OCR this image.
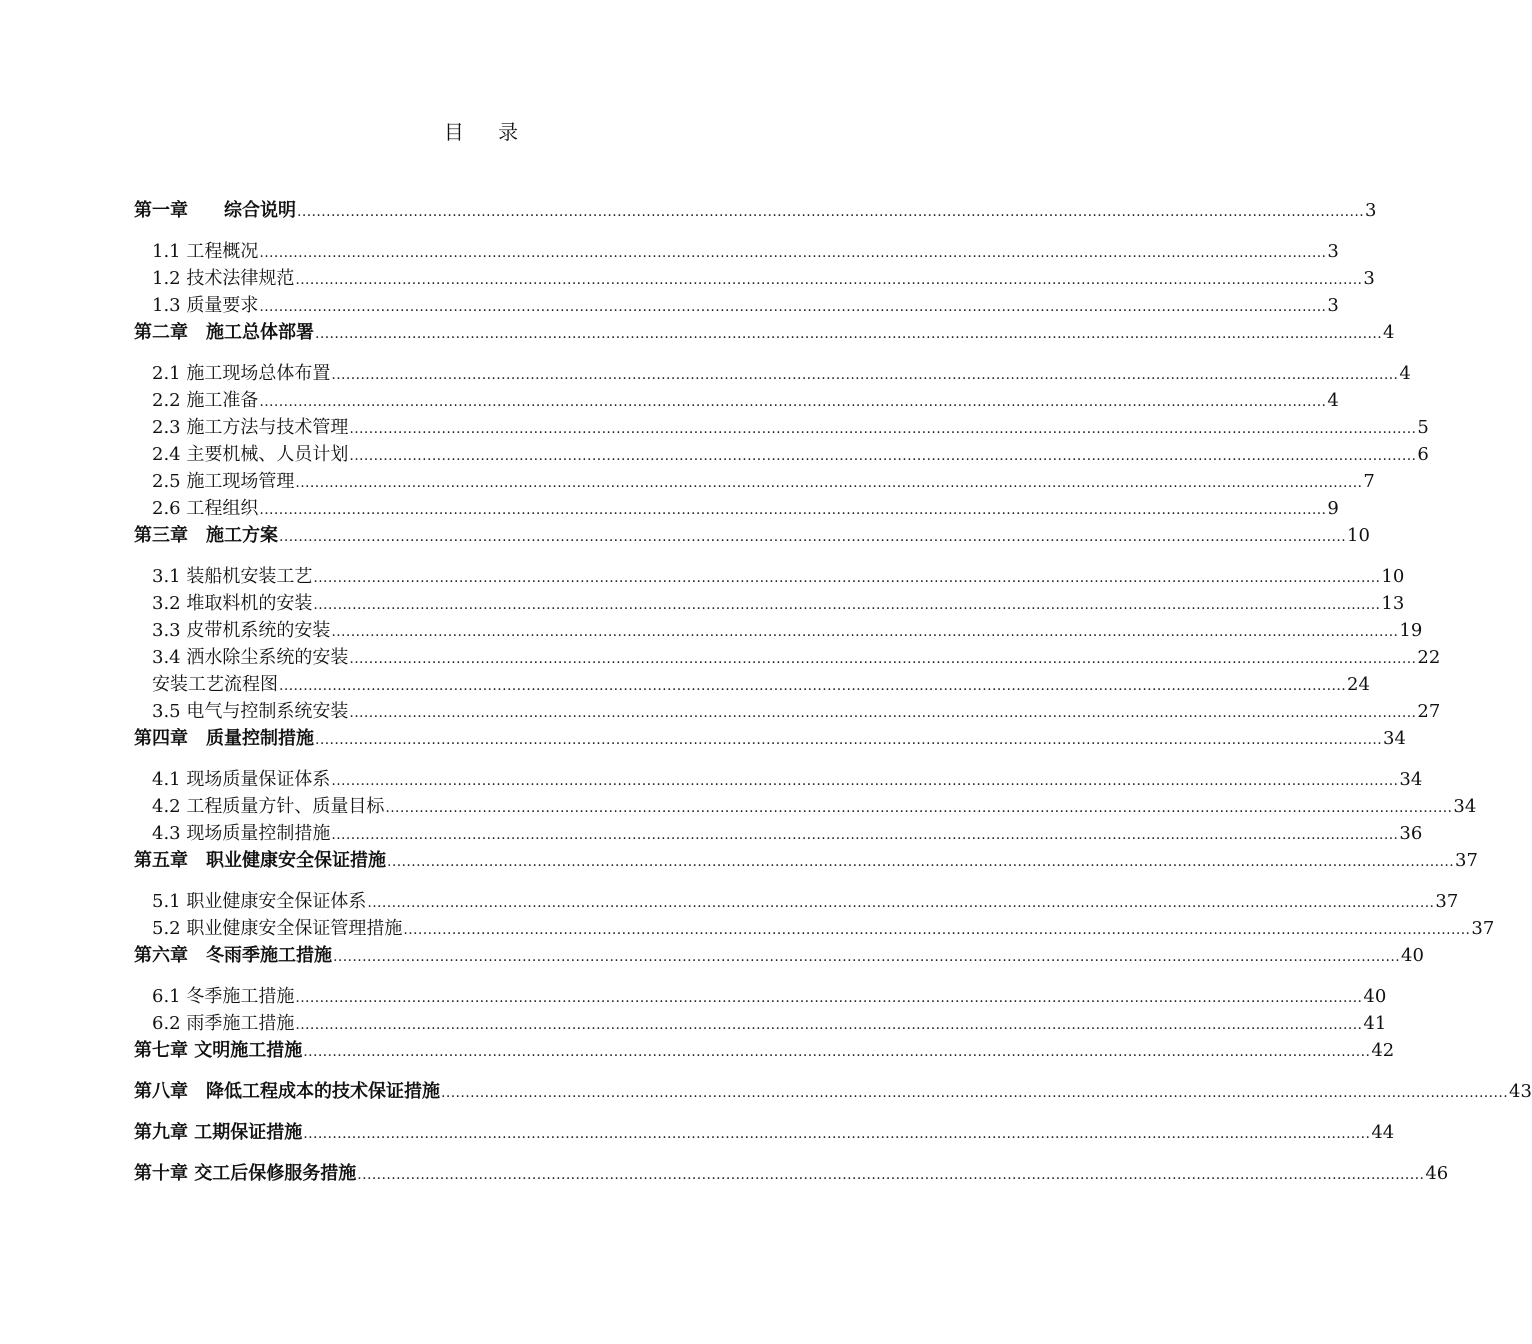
目 录
第一章　　综合说明 ............................................................................................................................................................................................................................ 3
1.1 工程概况 ............................................................................................................................................................................................................................ 3
1.2 技术法律规范 ............................................................................................................................................................................................................................ 3
1.3 质量要求 ............................................................................................................................................................................................................................ 3
第二章　施工总体部署 ............................................................................................................................................................................................................................ 4
2.1 施工现场总体布置 ............................................................................................................................................................................................................................ 4
2.2 施工准备 ............................................................................................................................................................................................................................ 4
2.3 施工方法与技术管理 ............................................................................................................................................................................................................................ 5
2.4 主要机械、人员计划 ............................................................................................................................................................................................................................ 6
2.5 施工现场管理 ............................................................................................................................................................................................................................ 7
2.6 工程组织 ............................................................................................................................................................................................................................ 9
第三章　施工方案 ............................................................................................................................................................................................................................ 10
3.1 装船机安装工艺 ............................................................................................................................................................................................................................ 10
3.2 堆取料机的安装 ............................................................................................................................................................................................................................ 13
3.3 皮带机系统的安装 ............................................................................................................................................................................................................................ 19
3.4 洒水除尘系统的安装 ............................................................................................................................................................................................................................ 22
安装工艺流程图 ............................................................................................................................................................................................................................ 24
3.5 电气与控制系统安装 ............................................................................................................................................................................................................................ 27
第四章　质量控制措施 ............................................................................................................................................................................................................................ 34
4.1 现场质量保证体系 ............................................................................................................................................................................................................................ 34
4.2 工程质量方针、质量目标 ............................................................................................................................................................................................................................ 34
4.3 现场质量控制措施 ............................................................................................................................................................................................................................ 36
第五章　职业健康安全保证措施 ............................................................................................................................................................................................................................ 37
5.1 职业健康安全保证体系 ............................................................................................................................................................................................................................ 37
5.2 职业健康安全保证管理措施 ............................................................................................................................................................................................................................ 37
第六章　冬雨季施工措施 ............................................................................................................................................................................................................................ 40
6.1 冬季施工措施 ............................................................................................................................................................................................................................ 40
6.2 雨季施工措施 ............................................................................................................................................................................................................................ 41
第七章 文明施工措施 ............................................................................................................................................................................................................................ 42
第八章　降低工程成本的技术保证措施 ............................................................................................................................................................................................................................ 43
第九章 工期保证措施 ............................................................................................................................................................................................................................ 44
第十章 交工后保修服务措施 ............................................................................................................................................................................................................................ 46
